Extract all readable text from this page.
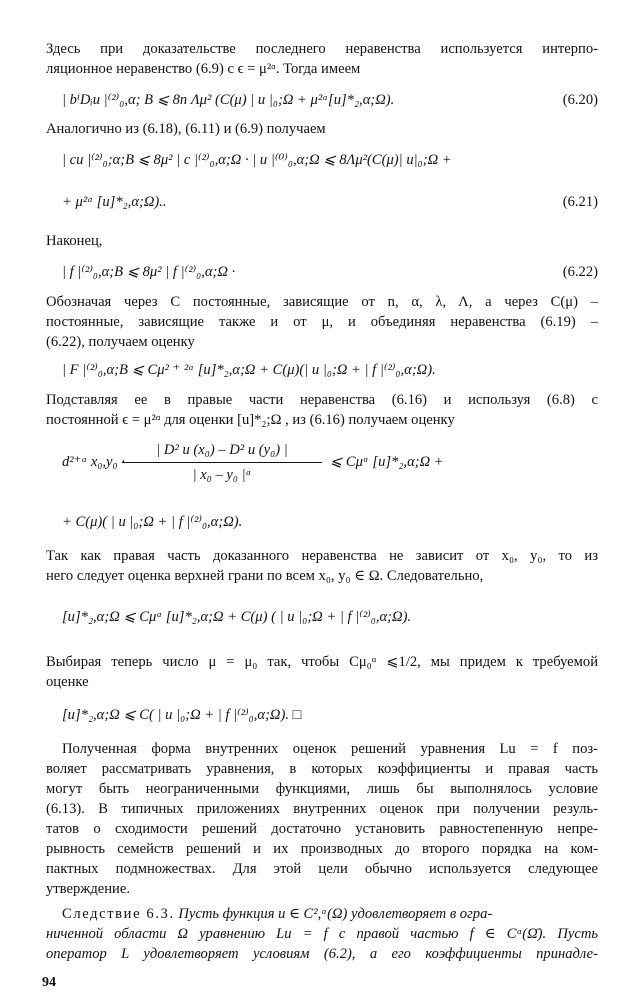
Здесь при доказательстве последнего неравенства используется интерпо-
ляционное неравенство (6.9) с ϵ = μ²ᵅ. Тогда имеем
| bⁱDᵢu |⁽²⁾₀,α; B ⩽ 8n Λμ² (C(μ) | u |₀;Ω + μ²ᵅ[u]*₂,α;Ω).	(6.20)
Аналогично из (6.18), (6.11) и (6.9) получаем
| cu |⁽²⁾₀;α;B ⩽ 8μ² | c |⁽²⁾₀,α;Ω · | u |⁽⁰⁾₀,α;Ω ⩽ 8Λμ²(C(μ)| u|₀;Ω +
+ μ²ᵅ [u]*₂,α;Ω)..	(6.21)
Наконец,
| f |⁽²⁾₀,α;B ⩽ 8μ² | f |⁽²⁾₀,α;Ω ·	(6.22)
Обозначая через C постоянные, зависящие от n, α, λ, Λ, а через C(μ) –
постоянные, зависящие также и от μ, и объединяя неравенства (6.19) –
(6.22), получаем оценку
| F |⁽²⁾₀,α;B ⩽ Cμ² ⁺ ²ᵅ [u]*₂,α;Ω + C(μ)(| u |₀;Ω + | f |⁽²⁾₀,α;Ω).
Подставляя ее в правые части неравенства (6.16) и используя (6.8) с
постоянной ϵ = μ²ᵅ для оценки [u]*₂;Ω , из (6.16) получаем оценку
d²⁺ᵅ x₀,y₀ ·
| D² u (x₀) – D² u (y₀) |
| x₀ – y₀ |ᵅ
⩽ Cμᵅ [u]*₂,α;Ω +
+ C(μ)( | u |₀;Ω + | f |⁽²⁾₀,α;Ω).
Так как правая часть доказанного неравенства не зависит от x₀, y₀, то из
него следует оценка верхней грани по всем x₀, y₀ ∈ Ω. Следовательно,
[u]*₂,α;Ω ⩽ Cμᵅ [u]*₂,α;Ω + C(μ) ( | u |₀;Ω + | f |⁽²⁾₀,α;Ω).
Выбирая теперь число μ = μ₀ так, чтобы Cμ₀ᵅ ⩽1/2, мы придем к требуемой
оценке
[u]*₂,α;Ω ⩽ C( | u |₀;Ω + | f |⁽²⁾₀,α;Ω). □
Полученная форма внутренних оценок решений уравнения Lu = f поз-
воляет рассматривать уравнения, в которых коэффициенты и правая часть
могут быть неограниченными функциями, лишь бы выполнялось условие
(6.13). В типичных приложениях внутренних оценок при получении резуль-
татов о сходимости решений достаточно установить равностепенную непре-
рывность семейств решений и их производных до второго порядка на ком-
пактных подмножествах. Для этой цели обычно используется следующее
утверждение.
Следствие 6.3. Пусть функция u ∈ C²,ᵅ(Ω) удовлетворяет в огра-
ниченной области Ω уравнению Lu = f с правой частью f ∈ Cᵅ(Ω̄). Пусть
оператор L удовлетворяет условиям (6.2), а его коэффициенты принадле-
94
